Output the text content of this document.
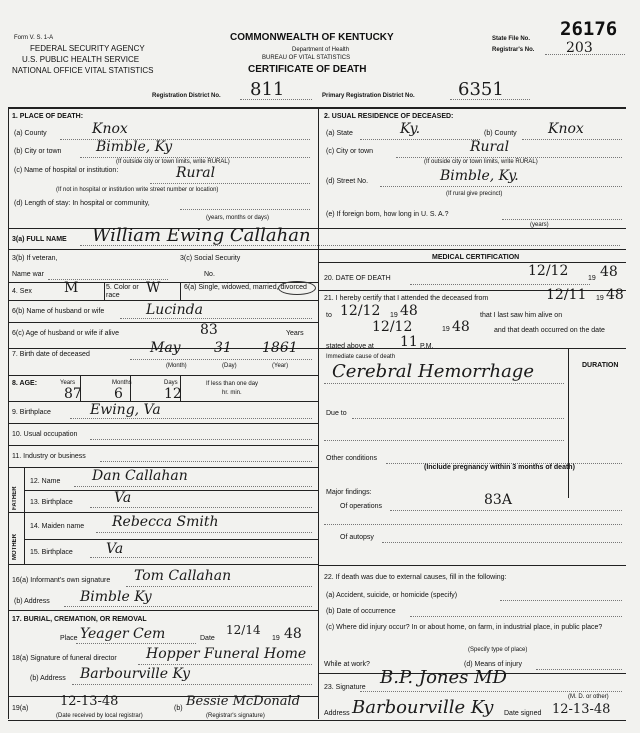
Form V. S. 1-A
FEDERAL SECURITY AGENCY
U.S. PUBLIC HEALTH SERVICE
NATIONAL OFFICE VITAL STATISTICS
COMMONWEALTH OF KENTUCKY
Department of Health
BUREAU OF VITAL STATISTICS
CERTIFICATE OF DEATH
State File No. 26176
Registrar's No. 203
Registration District No. 811	Primary Registration District No. 6351
1. PLACE OF DEATH:
(a) County	Knox
(b) City or town Bimble, Ky
(If outside city or town limits, write RURAL)
(c) Name of hospital or institution:	Rural
(If not in hospital or institution write street number or location)
(d) Length of stay: In hospital or community,
(years, months or days)
2. USUAL RESIDENCE OF DECEASED:
(a) State	Ky.	(b) County Knox
(c) City or town	Rural
(If outside city or town limits, write RURAL)
(d) Street No.	Bimble, Ky.
(If rural give precinct)
(e) If foreign born, how long in U. S. A.?
(years)
3(a) FULL NAME William Ewing Callahan
3(b) If veteran,	3(c) Social Security
Name war	No.
4. Sex M	5. Color or race	W	6(a) Single, widowed, married, divorced
6(b) Name of husband or wife	Lucinda
6(c) Age of husband or wife if alive	83	Years
7. Birth date of deceased	May 31 1861
(Month)	(Day)	(Year)
8. AGE:	Years
87
Months
6
Days
12
If less than one day
hr. min.
9. Birthplace	Ewing, Va
10. Usual occupation
11. Industry or business
FATHER
MOTHER
12. Name Dan Callahan
13. Birthplace	Va
14. Maiden name Rebecca Smith
15. Birthplace Va
16(a) Informant's own signature Tom Callahan
(b) Address Bimble Ky
17. BURIAL, CREMATION, OR REMOVAL
Place Yeager Cem	Date
12/14
19 48
18(a) Signature of funeral director Hopper Funeral Home
(b) Address Barbourville Ky
19(a) 12-13-48
(Date received by local registrar)
(b) Bessie McDonald
(Registrar's signature)
MEDICAL CERTIFICATION
20. DATE OF DEATH	12/12	19 48
21. I hereby certify that I attended the deceased from	12/11 19 48
to 12/12 19 48	that I last saw him alive on
12/12	19 48	and that death occurred on the date
stated above at 11 P.M.
Immediate cause of death
Cerebral Hemorrhage	DURATION
Due to
Other conditions
(Include pregnancy within 3 months of death)
Major findings:
Of operations	83A
Of autopsy
22. If death was due to external causes, fill in the following:
(a) Accident, suicide, or homicide (specify)
(b) Date of occurrence
(c) Where did injury occur? In or about home, on farm, in industrial place, in public place?
(Specify type of place)
While at work?	(d) Means of injury
23. Signature B.P. Jones MD
(M. D. or other)
Address Barbourville Ky Date signed 12-13-48
